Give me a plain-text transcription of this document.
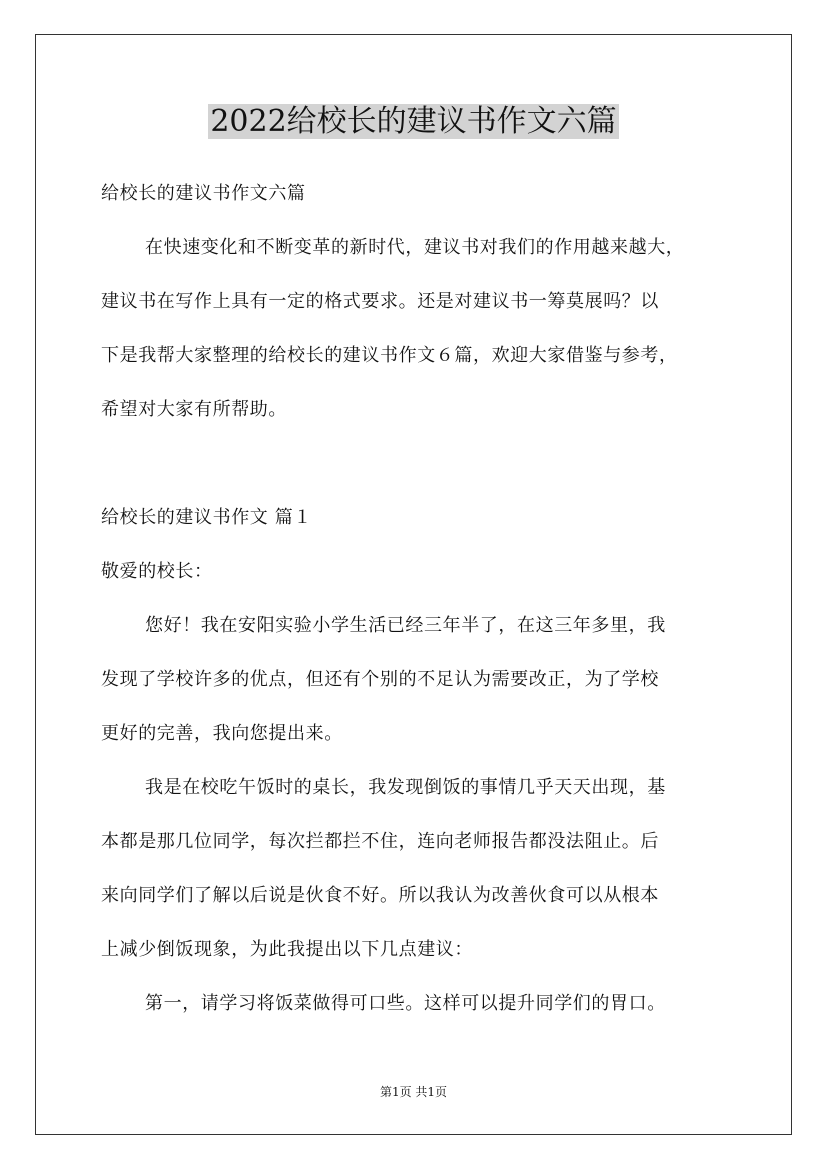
2022给校长的建议书作文六篇
给校长的建议书作文六篇
在快速变化和不断变革的新时代，建议书对我们的作用越来越大，
建议书在写作上具有一定的格式要求。还是对建议书一筹莫展吗？以
下是我帮大家整理的给校长的建议书作文６篇，欢迎大家借鉴与参考，
希望对大家有所帮助。
给校长的建议书作文 篇１
敬爱的校长：
您好！我在安阳实验小学生活已经三年半了，在这三年多里，我
发现了学校许多的优点，但还有个别的不足认为需要改正，为了学校
更好的完善，我向您提出来。
我是在校吃午饭时的桌长，我发现倒饭的事情几乎天天出现，基
本都是那几位同学，每次拦都拦不住，连向老师报告都没法阻止。后
来向同学们了解以后说是伙食不好。所以我认为改善伙食可以从根本
上减少倒饭现象，为此我提出以下几点建议：
第一，请学习将饭菜做得可口些。这样可以提升同学们的胃口。
第1页 共1页
